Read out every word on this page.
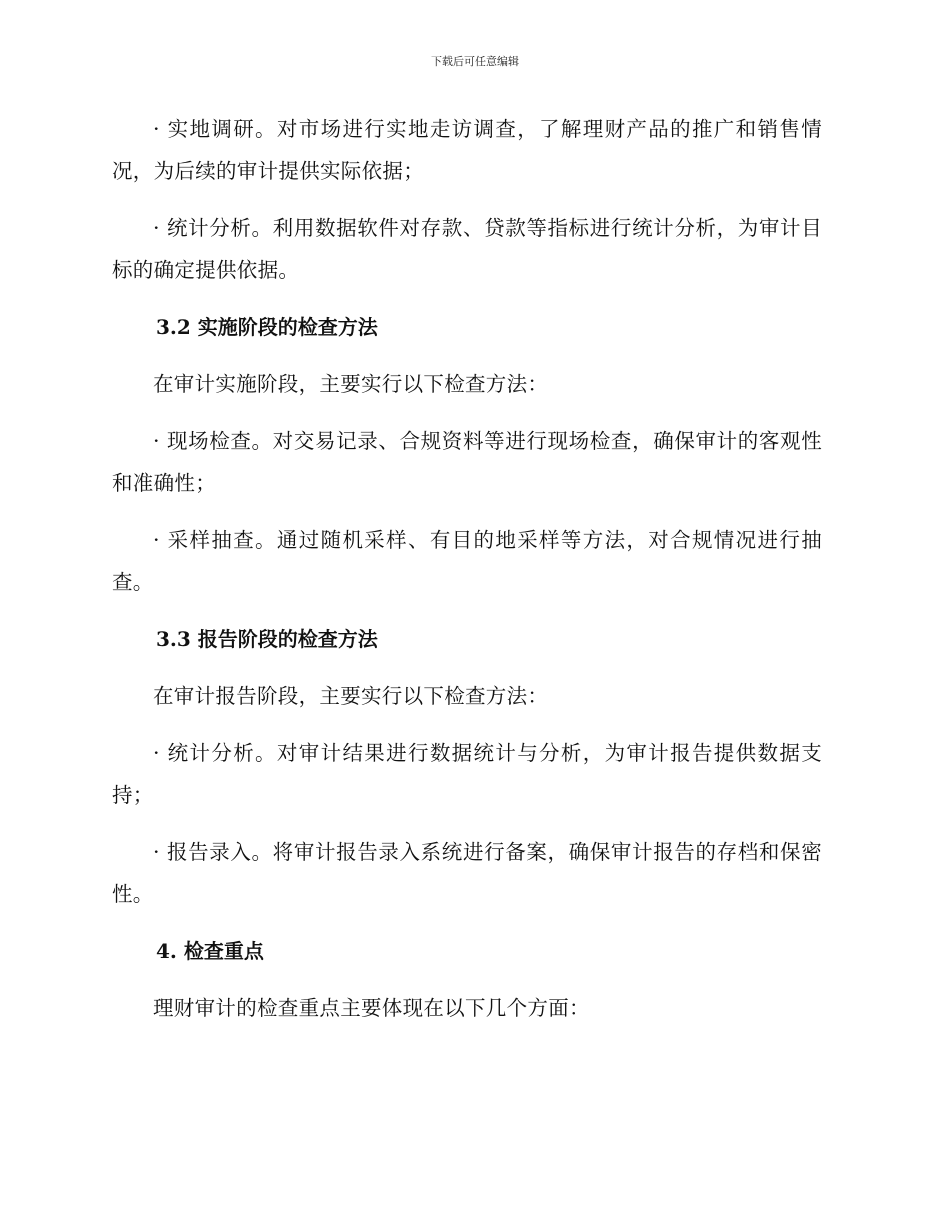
下载后可任意编辑

· 实地调研。对市场进行实地走访调查，了解理财产品的推广和销售情况，为后续的审计提供实际依据；

· 统计分析。利用数据软件对存款、贷款等指标进行统计分析，为审计目标的确定提供依据。

3.2 实施阶段的检查方法

在审计实施阶段，主要实行以下检查方法：

· 现场检查。对交易记录、合规资料等进行现场检查，确保审计的客观性和准确性；

· 采样抽查。通过随机采样、有目的地采样等方法，对合规情况进行抽查。

3.3 报告阶段的检查方法

在审计报告阶段，主要实行以下检查方法：

· 统计分析。对审计结果进行数据统计与分析，为审计报告提供数据支持；

· 报告录入。将审计报告录入系统进行备案，确保审计报告的存档和保密性。

4. 检查重点

理财审计的检查重点主要体现在以下几个方面：
